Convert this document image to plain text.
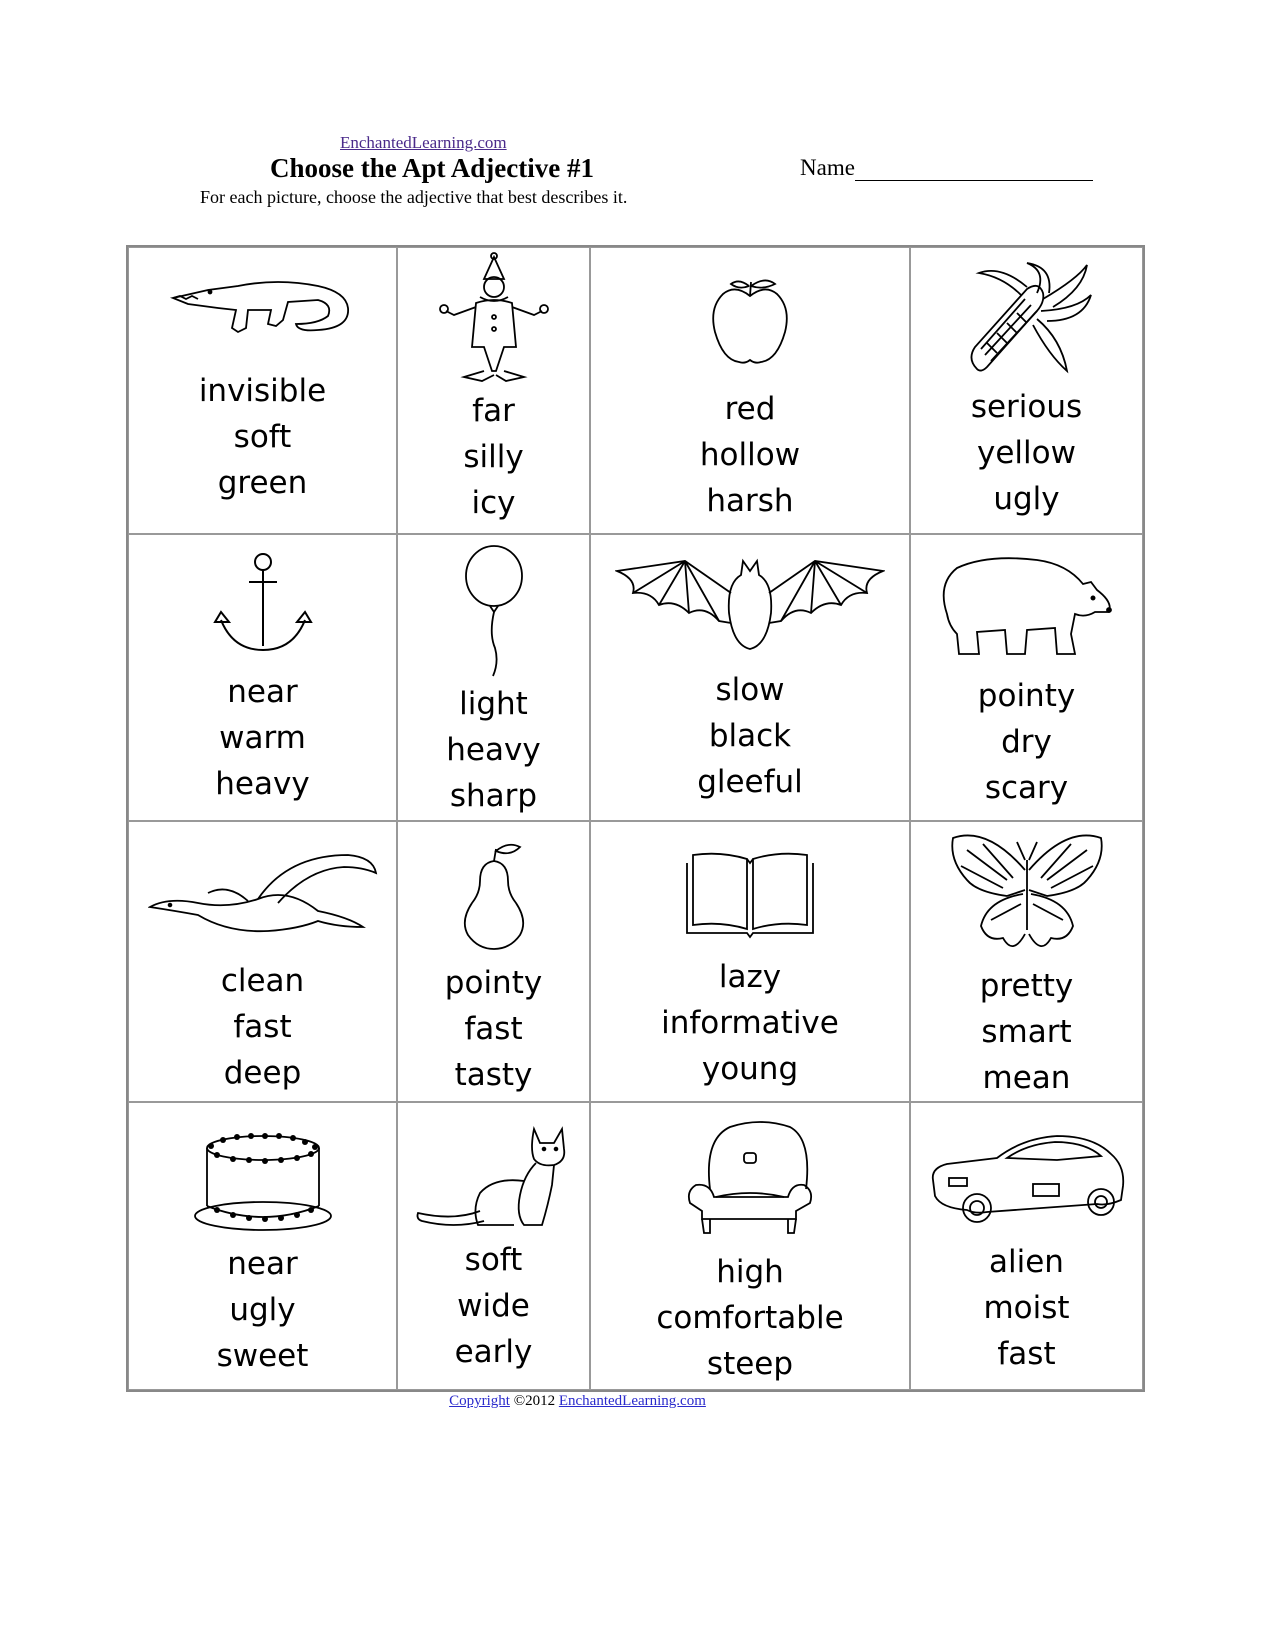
EnchantedLearning.com
Choose the Apt Adjective #1	Name
For each picture, choose the adjective that best describes it.
invisible
soft
green
far
silly
icy
red
hollow
harsh
serious
yellow
ugly
near
warm
heavy
light
heavy
sharp
slow
black
gleeful
pointy
dry
scary
clean
fast
deep
pointy
fast
tasty
lazy
informative
young
pretty
smart
mean
near
ugly
sweet
soft
wide
early
high
comfortable
steep
alien
moist
fast
Copyright ©2012 EnchantedLearning.com
